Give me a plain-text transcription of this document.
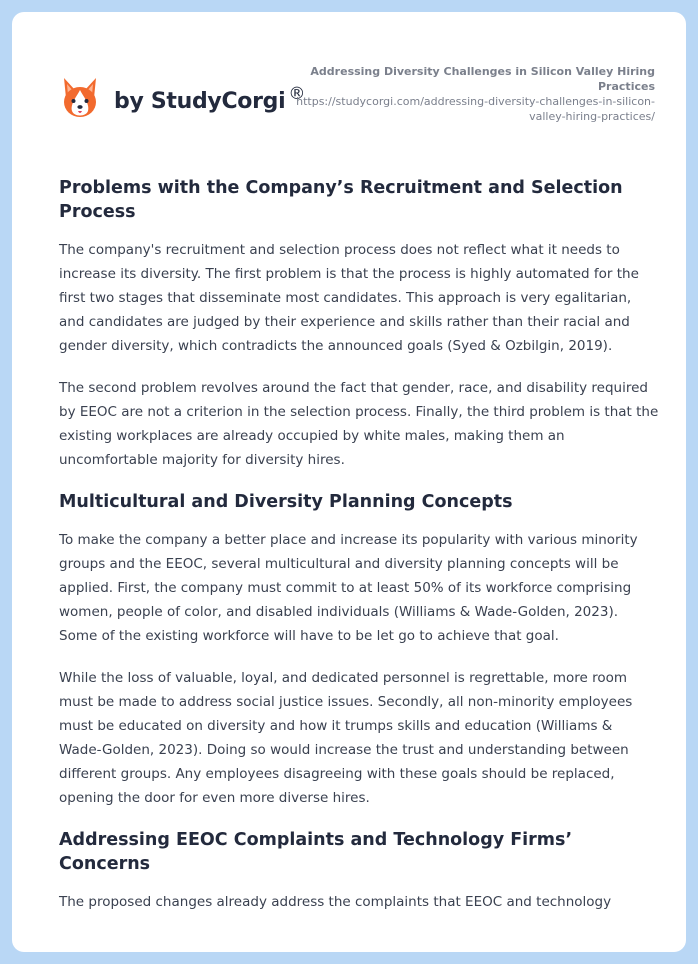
by StudyCorgi ®
Addressing Diversity Challenges in Silicon Valley Hiring Practices
https://studycorgi.com/addressing-diversity-challenges-in-silicon-valley-hiring-practices/
Problems with the Company’s Recruitment and Selection Process

The company's recruitment and selection process does not reflect what it needs to increase its diversity. The first problem is that the process is highly automated for the first two stages that disseminate most candidates. This approach is very egalitarian, and candidates are judged by their experience and skills rather than their racial and gender diversity, which contradicts the announced goals (Syed & Ozbilgin, 2019).

The second problem revolves around the fact that gender, race, and disability required by EEOC are not a criterion in the selection process. Finally, the third problem is that the existing workplaces are already occupied by white males, making them an uncomfortable majority for diversity hires.

Multicultural and Diversity Planning Concepts

To make the company a better place and increase its popularity with various minority groups and the EEOC, several multicultural and diversity planning concepts will be applied. First, the company must commit to at least 50% of its workforce comprising women, people of color, and disabled individuals (Williams & Wade-Golden, 2023). Some of the existing workforce will have to be let go to achieve that goal.

While the loss of valuable, loyal, and dedicated personnel is regrettable, more room must be made to address social justice issues. Secondly, all non-minority employees must be educated on diversity and how it trumps skills and education (Williams & Wade-Golden, 2023). Doing so would increase the trust and understanding between different groups. Any employees disagreeing with these goals should be replaced, opening the door for even more diverse hires.

Addressing EEOC Complaints and Technology Firms’ Concerns

The proposed changes already address the complaints that EEOC and technology
